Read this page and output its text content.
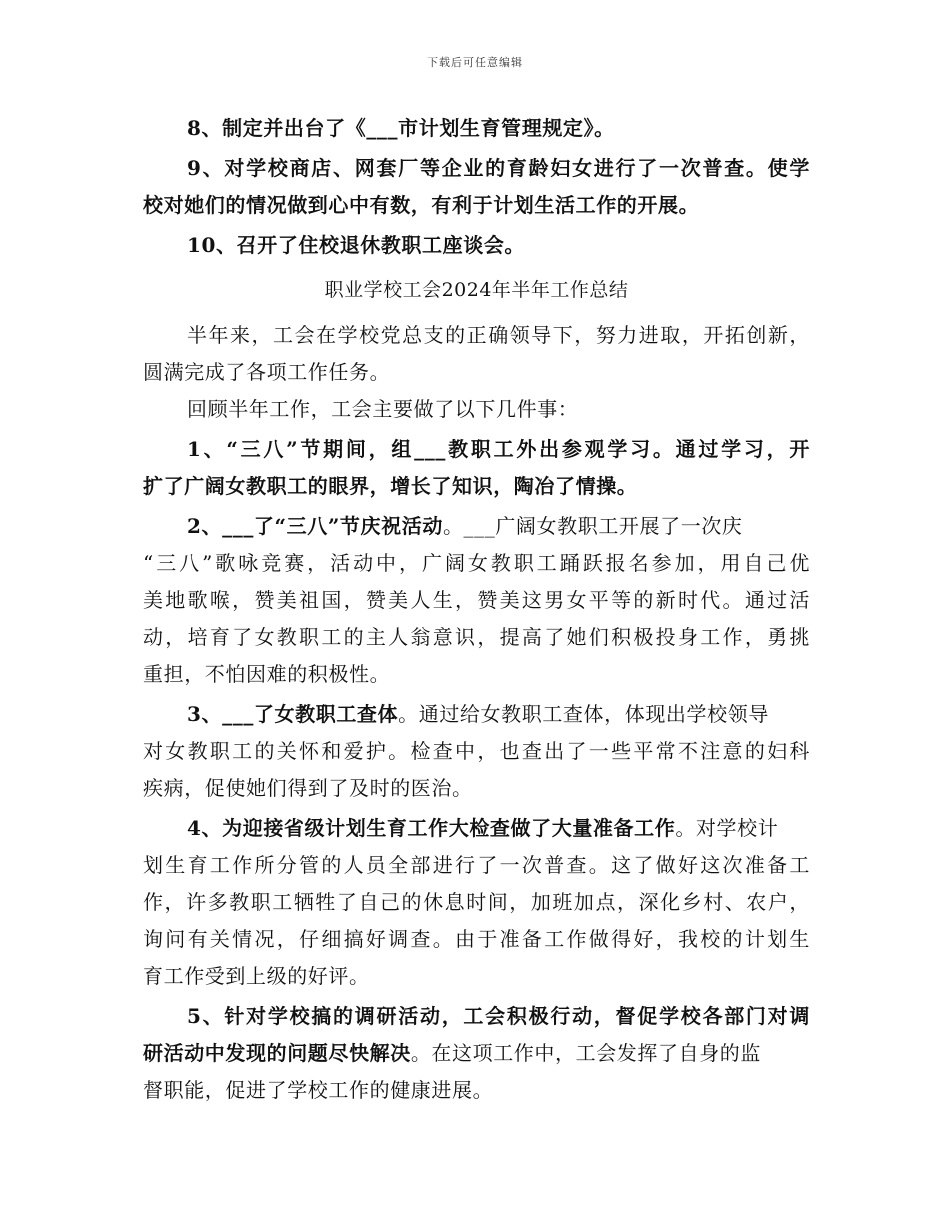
下载后可任意编辑
8、制定并出台了《___市计划生育管理规定》。
9、对学校商店、网套厂等企业的育龄妇女进行了一次普查。使学
校对她们的情况做到心中有数，有利于计划生活工作的开展。
10、召开了住校退休教职工座谈会。
职业学校工会2024年半年工作总结
半年来，工会在学校党总支的正确领导下，努力进取，开拓创新，
圆满完成了各项工作任务。
回顾半年工作，工会主要做了以下几件事：
1、“三八”节期间，组___教职工外出参观学习。通过学习，开
扩了广阔女教职工的眼界，增长了知识，陶冶了情操。
2、___了“三八”节庆祝活动。___广阔女教职工开展了一次庆
“三八”歌咏竞赛，活动中，广阔女教职工踊跃报名参加，用自己优
美地歌喉，赞美祖国，赞美人生，赞美这男女平等的新时代。通过活
动，培育了女教职工的主人翁意识，提高了她们积极投身工作，勇挑
重担，不怕因难的积极性。
3、___了女教职工查体。通过给女教职工查体，体现出学校领导
对女教职工的关怀和爱护。检查中，也查出了一些平常不注意的妇科
疾病，促使她们得到了及时的医治。
4、为迎接省级计划生育工作大检查做了大量准备工作。对学校计
划生育工作所分管的人员全部进行了一次普查。这了做好这次准备工
作，许多教职工牺牲了自己的休息时间，加班加点，深化乡村、农户，
询问有关情况，仔细搞好调查。由于准备工作做得好，我校的计划生
育工作受到上级的好评。
5、针对学校搞的调研活动，工会积极行动，督促学校各部门对调
研活动中发现的问题尽快解决。在这项工作中，工会发挥了自身的监
督职能，促进了学校工作的健康进展。
